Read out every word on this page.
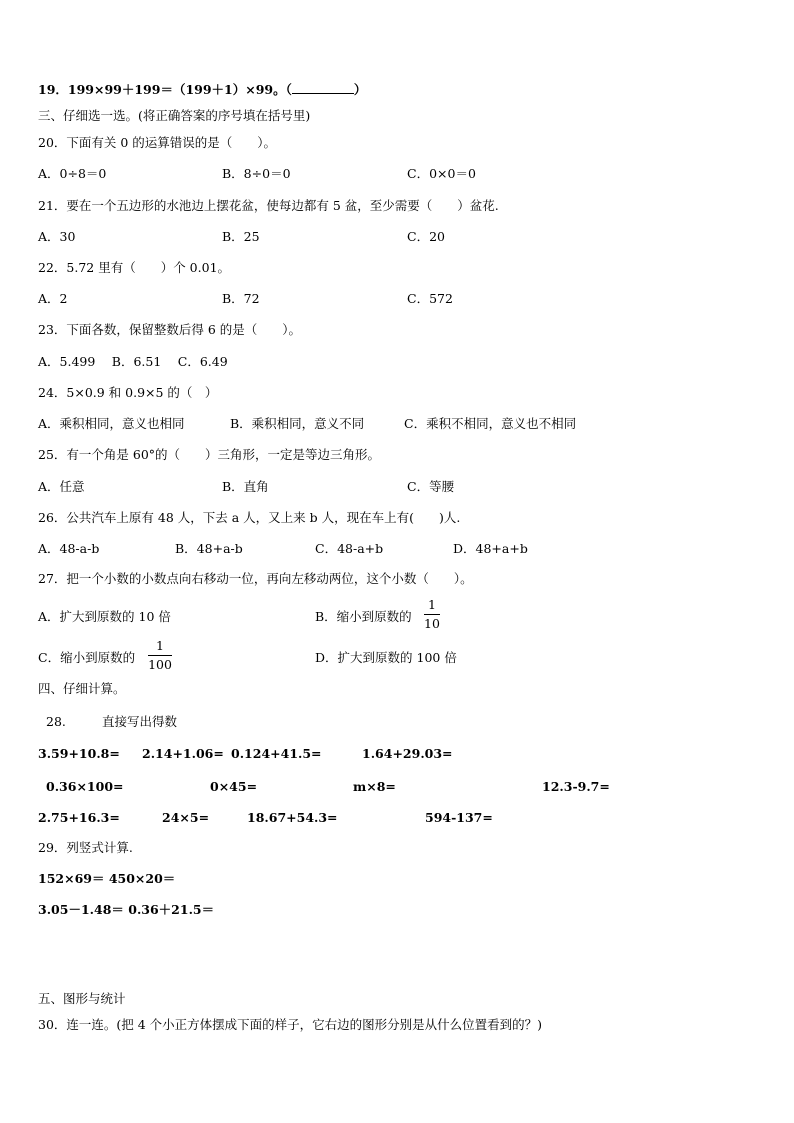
19．199×99＋199＝（199＋1）×99。（	）
三、仔细选一选。(将正确答案的序号填在括号里)
20．下面有关 0 的运算错误的是（　　）。
A．0÷8＝0	B．8÷0＝0	C．0×0＝0
21．要在一个五边形的水池边上摆花盆，使每边都有 5 盆，至少需要（　　）盆花.
A．30	B．25	C．20
22．5.72 里有（　　）个 0.01。
A．2	B．72	C．572
23．下面各数，保留整数后得 6 的是（　　）。
A．5.499　 B．6.51　 C．6.49
24．5×0.9 和 0.9×5 的（　）
A．乘积相同，意义也相同	B．乘积相同，意义不同	C．乘积不相同，意义也不相同
25．有一个角是 60°的（　　）三角形，一定是等边三角形。
A．任意	B．直角	C．等腰
26．公共汽车上原有 48 人，下去 a 人，又上来 b 人，现在车上有(　　)人.
A．48-a-b	B．48+a-b	C．48-a+b	D．48+a+b
27．把一个小数的小数点向右移动一位，再向左移动两位，这个小数（　　）。
A．扩大到原数的 10 倍	B．缩小到原数的
1
10
C．缩小到原数的
1
100	D．扩大到原数的 100 倍
四、仔细计算。
28.	直接写出得数
3.59+10.8= 2.14+1.06= 0.124+41.5=	1.64+29.03=
0.36×100=	0×45=	m×8=	12.3-9.7=
2.75+16.3=	24×5=	18.67+54.3=	594-137=
29．列竖式计算.
152×69＝ 450×20＝
3.05－1.48＝ 0.36＋21.5＝
五、图形与统计
30．连一连。(把 4 个小正方体摆成下面的样子，它右边的图形分别是从什么位置看到的？)
